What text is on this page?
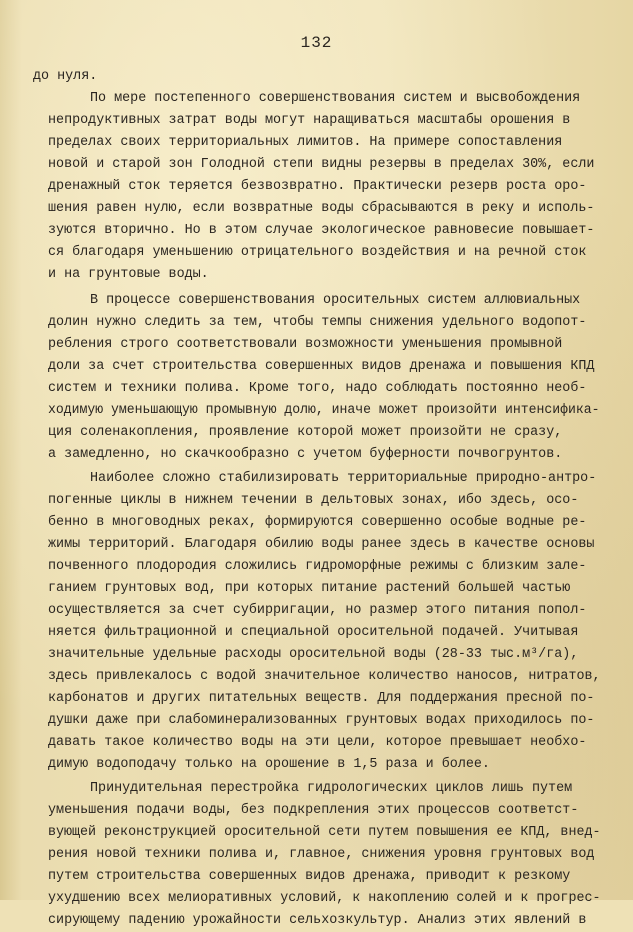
132
до нуля.
По мере постепенного совершенствования систем и высвобождения
непродуктивных затрат воды могут наращиваться масштабы орошения в
пределах своих территориальных лимитов. На примере сопоставления
новой и старой зон Голодной степи видны резервы в пределах 30%, если
дренажный сток теряется безвозвратно. Практически резерв роста оро-
шения равен нулю, если возвратные воды сбрасываются в реку и исполь-
зуются вторично. Но в этом случае экологическое равновесие повышает-
ся благодаря уменьшению отрицательного воздействия и на речной сток
и на грунтовые воды.
В процессе совершенствования оросительных систем аллювиальных
долин нужно следить за тем, чтобы темпы снижения удельного водопот-
ребления строго соответствовали возможности уменьшения промывной
доли за счет строительства совершенных видов дренажа и повышения КПД
систем и техники полива. Кроме того, надо соблюдать постоянно необ-
ходимую уменьшающую промывную долю, иначе может произойти интенсифика-
ция соленакопления, проявление которой может произойти не сразу,
а замедленно, но скачкообразно с учетом буферности почвогрунтов.
Наиболее сложно стабилизировать территориальные природно-антро-
погенные циклы в нижнем течении в дельтовых зонах, ибо здесь, осо-
бенно в многоводных реках, формируются совершенно особые водные ре-
жимы территорий. Благодаря обилию воды ранее здесь в качестве основы
почвенного плодородия сложились гидроморфные режимы с близким зале-
ганием грунтовых вод, при которых питание растений большей частью
осуществляется за счет субирригации, но размер этого питания попол-
няется фильтрационной и специальной оросительной подачей. Учитывая
значительные удельные расходы оросительной воды (28-33 тыс.м³/га),
здесь привлекалось с водой значительное количество наносов, нитратов,
карбонатов и других питательных веществ. Для поддержания пресной по-
душки даже при слабоминерализованных грунтовых водах приходилось по-
давать такое количество воды на эти цели, которое превышает необхо-
димую водоподачу только на орошение в 1,5 раза и более.
Принудительная перестройка гидрологических циклов лишь путем
уменьшения подачи воды, без подкрепления этих процессов соответст-
вующей реконструкцией оросительной сети путем повышения ее КПД, внед-
рения новой техники полива и, главное, снижения уровня грунтовых вод
путем строительства совершенных видов дренажа, приводит к резкому
ухудшению всех мелиоративных условий, к накоплению солей и к прогрес-
сирующему падению урожайности сельхозкультур. Анализ этих явлений в
